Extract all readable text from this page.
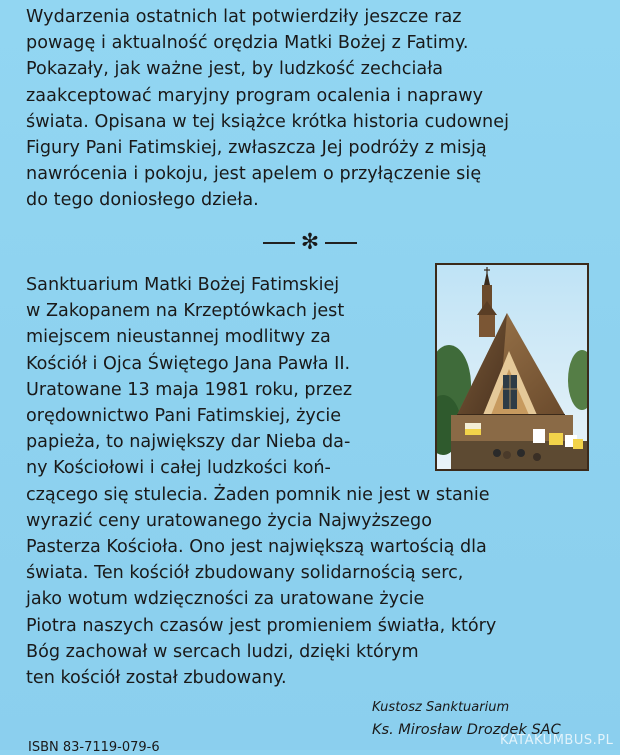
Wydarzenia ostatnich lat potwierdziły jeszcze raz
powagę i aktualność orędzia Matki Bożej z Fatimy.
Pokazały, jak ważne jest, by ludzkość zechciała
zaakceptować maryjny program ocalenia i naprawy
świata. Opisana w tej książce krótka historia cudownej
Figury Pani Fatimskiej, zwłaszcza Jej podróży z misją
nawrócenia i pokoju, jest apelem o przyłączenie się
do tego doniosłego dzieła.
✻
Sanktuarium Matki Bożej Fatimskiej
w Zakopanem na Krzeptówkach jest
miejscem nieustannej modlitwy za
Kościół i Ojca Świętego Jana Pawła II.
Uratowane 13 maja 1981 roku, przez
orędownictwo Pani Fatimskiej, życie
papieża, to największy dar Nieba da-
ny Kościołowi i całej ludzkości koń-
czącego się stulecia. Żaden pomnik nie jest w stanie
wyrazić ceny uratowanego życia Najwyższego
Pasterza Kościoła. Ono jest największą wartością dla
świata. Ten kościół zbudowany solidarnością serc,
jako wotum wdzięczności za uratowane życie
Piotra naszych czasów jest promieniem światła, który
Bóg zachował w sercach ludzi, dzięki którym
ten kościół został zbudowany.
Kustosz Sanktuarium
Ks. Mirosław Drozdek SAC
ISBN 83-7119-079-6	KATAKUMBUS.PL
